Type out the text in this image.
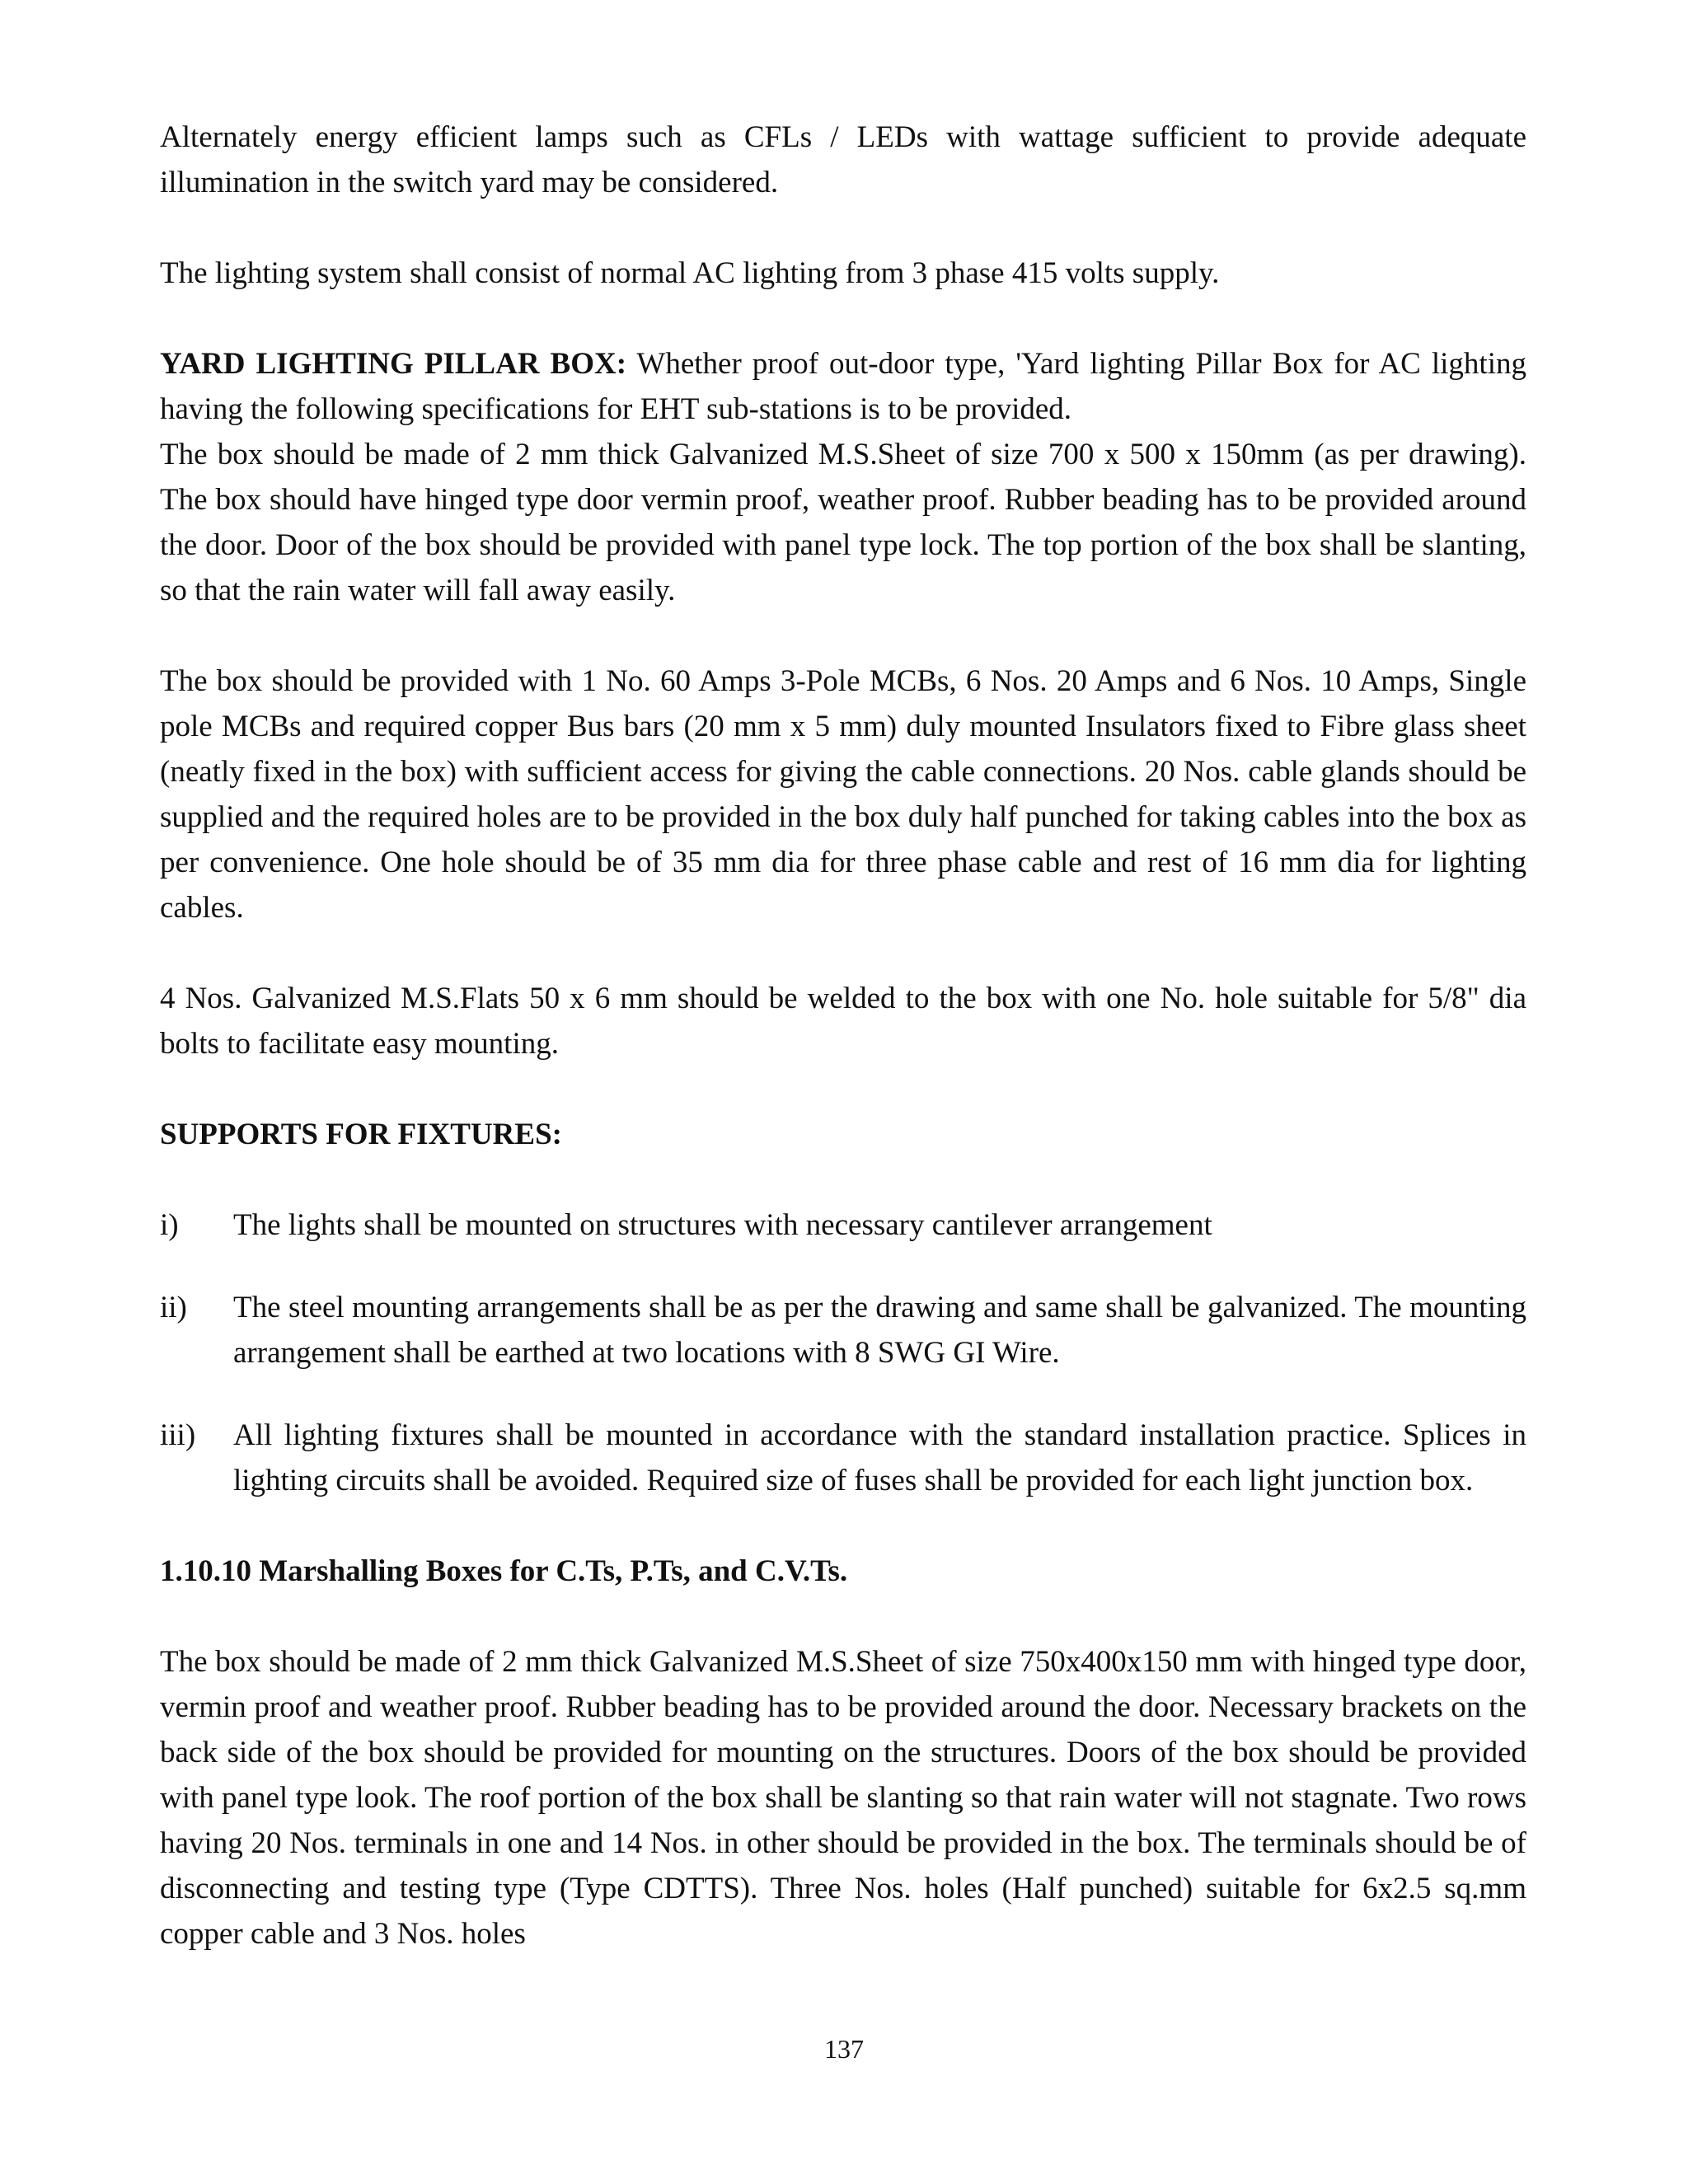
Alternately energy efficient lamps such as CFLs / LEDs with wattage sufficient to provide adequate illumination in the switch yard may be considered.

The lighting system shall consist of normal AC lighting from 3 phase 415 volts supply.

YARD LIGHTING PILLAR BOX: Whether proof out-door type, 'Yard lighting Pillar Box for AC lighting having the following specifications for EHT sub-stations is to be provided.

The box should be made of 2 mm thick Galvanized M.S.Sheet of size 700 x 500 x 150mm (as per drawing). The box should have hinged type door vermin proof, weather proof. Rubber beading has to be provided around the door. Door of the box should be provided with panel type lock. The top portion of the box shall be slanting, so that the rain water will fall away easily.

The box should be provided with 1 No. 60 Amps 3-Pole MCBs, 6 Nos. 20 Amps and 6 Nos. 10 Amps, Single pole MCBs and required copper Bus bars (20 mm x 5 mm) duly mounted Insulators fixed to Fibre glass sheet (neatly fixed in the box) with sufficient access for giving the cable connections. 20 Nos. cable glands should be supplied and the required holes are to be provided in the box duly half punched for taking cables into the box as per convenience. One hole should be of 35 mm dia for three phase cable and rest of 16 mm dia for lighting cables.

4 Nos. Galvanized M.S.Flats 50 x 6 mm should be welded to the box with one No. hole suitable for 5/8" dia bolts to facilitate easy mounting.

SUPPORTS FOR FIXTURES:

i) The lights shall be mounted on structures with necessary cantilever arrangement
ii) The steel mounting arrangements shall be as per the drawing and same shall be galvanized. The mounting arrangement shall be earthed at two locations with 8 SWG GI Wire.
iii) All lighting fixtures shall be mounted in accordance with the standard installation practice. Splices in lighting circuits shall be avoided. Required size of fuses shall be provided for each light junction box.

1.10.10 Marshalling Boxes for C.Ts, P.Ts, and C.V.Ts.

The box should be made of 2 mm thick Galvanized M.S.Sheet of size 750x400x150 mm with hinged type door, vermin proof and weather proof. Rubber beading has to be provided around the door. Necessary brackets on the back side of the box should be provided for mounting on the structures. Doors of the box should be provided with panel type look. The roof portion of the box shall be slanting so that rain water will not stagnate. Two rows having 20 Nos. terminals in one and 14 Nos. in other should be provided in the box. The terminals should be of disconnecting and testing type (Type CDTTS). Three Nos. holes (Half punched) suitable for 6x2.5 sq.mm copper cable and 3 Nos. holes

137
